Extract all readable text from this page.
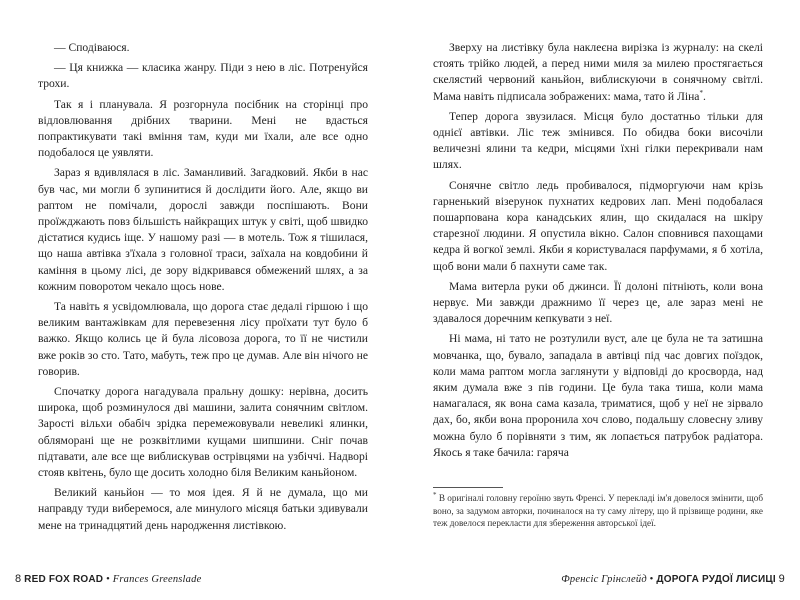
— Сподіваюся.

— Ця книжка — класика жанру. Піди з нею в ліс. Потренуйся трохи.

Так я і планувала. Я розгорнула посібник на сторінці про відловлювання дрібних тварини. Мені не вдасться попрактикувати такі вміння там, куди ми їхали, але все одно подобалося це уявляти.

Зараз я вдивлялася в ліс. Заманливий. Загадковий. Якби в нас був час, ми могли б зупинитися й дослідити його. Але, якщо ви раптом не помічали, дорослі завжди поспішають. Вони проїжджають повз більшість найкращих штук у світі, щоб швидко дістатися кудись іще. У нашому разі — в мотель. Тож я тішилася, що наша автівка з'їхала з головної траси, заїхала на ковдобини й каміння в цьому лісі, де зору відкривався обмежений шлях, а за кожним поворотом чекало щось нове.

Та навіть я усвідомлювала, що дорога стає дедалі гіршою і що великим вантажівкам для перевезення лісу проїхати тут було б важко. Якщо колись це й була лісовоза дорога, то її не чистили вже років зо сто. Тато, мабуть, теж про це думав. Але він нічого не говорив.

Спочатку дорога нагадувала пральну дошку: нерівна, досить широка, щоб розминулося дві машини, залита сонячним світлом. Зарості вільхи обабіч зрідка перемежовували невеликі ялинки, обляморані ще не розквітлими кущами шипшини. Сніг почав підтавати, але все ще виблискував острівцями на узбіччі. Надворі стояв квітень, було ще досить холодно біля Великим каньйоном.

Великий каньйон — то моя ідея. Я й не думала, що ми направду туди виберемося, але минулого місяця батьки здивували мене на тринадцятий день народження листівкою.

8 RED FOX ROAD • Frances Greenslade

Зверху на листівку була наклеєна вирізка із журналу: на скелі стоять трійко людей, а перед ними миля за милею простягається скелястий червоний каньйон, виблискуючи в сонячному світлі. Мама навіть підписала зображених: мама, тато й Ліна*.

Тепер дорога звузилася. Місця було достатньо тільки для однієї автівки. Ліс теж змінився. По обидва боки височіли величезні ялини та кедри, місцями їхні гілки перекривали нам шлях.

Сонячне світло ледь пробивалося, підморгуючи нам крізь гарненький візерунок пухнатих кедрових лап. Мені подобалася пошарпована кора канадських ялин, що скидалася на шкіру старезної людини. Я опустила вікно. Салон сповнився пахощами кедра й вогкої землі. Якби я користувалася парфумами, я б хотіла, щоб вони мали б пахнути саме так.

Мама витерла руки об джинси. Її долоні пітніють, коли вона нервує. Ми завжди дражнимо її через це, але зараз мені не здавалося доречним кепкувати з неї.

Ні мама, ні тато не розтулили вуст, але це була не та затишна мовчанка, що, бувало, западала в автівці під час довгих поїздок, коли мама раптом могла заглянути у відповіді до кросворда, над яким думала вже з пів години. Це була така тиша, коли мама намагалася, як вона сама казала, триматися, щоб у неї не зірвало дах, бо, якби вона проронила хоч слово, подальшу словесну зливу можна було б порівняти з тим, як лопається патрубок радіатора. Якось я таке бачила: гаряча

* В оригіналі головну героїню звуть Френсі. У перекладі ім'я довелося змінити, щоб воно, за задумом авторки, починалося на ту саму літеру, що й прізвище родини, яке теж довелося перекласти для збереження авторської ідеї.
Френсіс Грінслейд • ДОРОГА РУДОЇ ЛИСИЦІ 9
